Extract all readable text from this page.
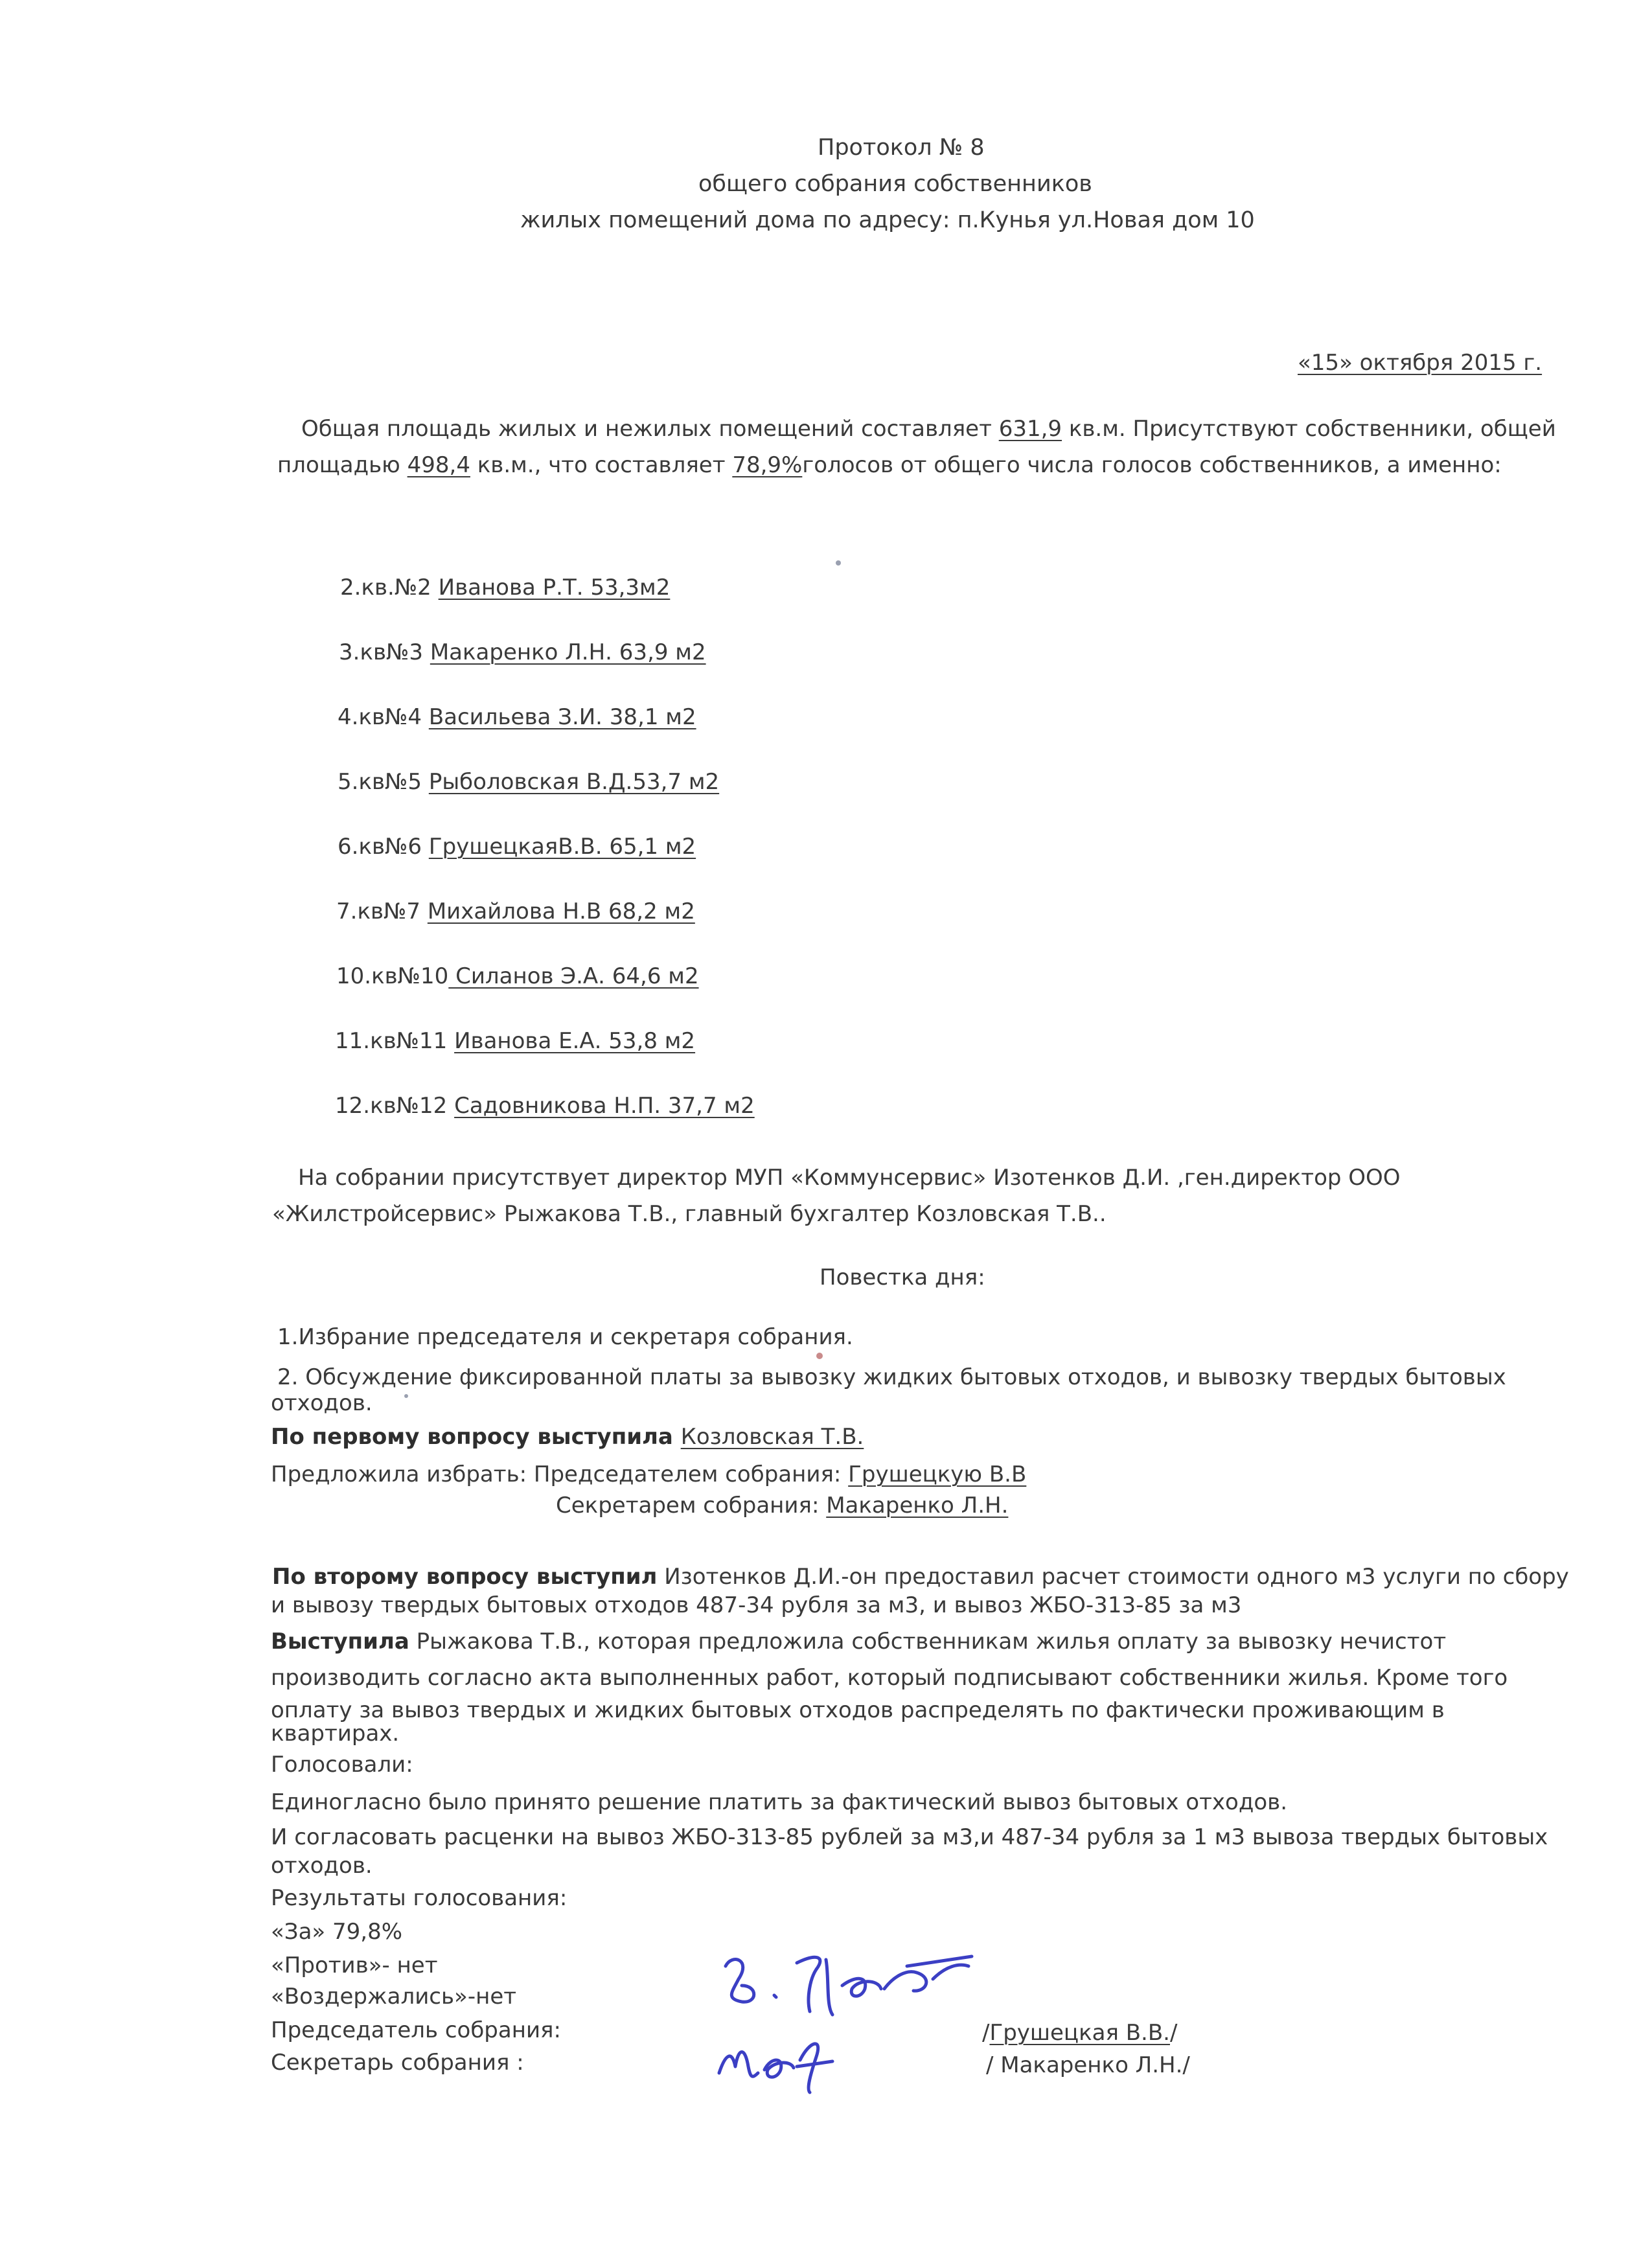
Протокол № 8
общего собрания собственников
жилых помещений дома по адресу: п.Кунья ул.Новая дом 10
«15» октября 2015 г.
Общая площадь жилых и нежилых помещений составляет 631,9 кв.м. Присутствуют собственники, общей
площадью 498,4 кв.м., что составляет 78,9%голосов от общего числа голосов собственников, а именно:
2.кв.№2 Иванова Р.Т. 53,3м2
3.кв№3 Макаренко Л.Н. 63,9 м2
4.кв№4 Васильева З.И. 38,1 м2
5.кв№5 Рыболовская В.Д.53,7 м2
6.кв№6 ГрушецкаяВ.В. 65,1 м2
7.кв№7 Михайлова Н.В 68,2 м2
10.кв№10 Силанов Э.А. 64,6 м2
11.кв№11 Иванова Е.А. 53,8 м2
12.кв№12 Садовникова Н.П. 37,7 м2
На собрании присутствует директор МУП «Коммунсервис» Изотенков Д.И. ,ген.директор ООО
«Жилстройсервис» Рыжакова Т.В., главный бухгалтер Козловская Т.В..
Повестка дня:
1.Избрание председателя и секретаря собрания.
2. Обсуждение фиксированной платы за вывозку жидких бытовых отходов, и вывозку твердых бытовых
отходов.
По первому вопросу выступила Козловская Т.В.
Предложила избрать: Председателем собрания: Грушецкую В.В
Секретарем собрания: Макаренко Л.Н.
По второму вопросу выступил Изотенков Д.И.-он предоставил расчет стоимости одного м3 услуги по сбору
и вывозу твердых бытовых отходов 487-34 рубля за м3, и вывоз ЖБО-313-85 за м3
Выступила Рыжакова Т.В., которая предложила собственникам жилья оплату за вывозку нечистот
производить согласно акта выполненных работ, который подписывают собственники жилья. Кроме того
оплату за вывоз твердых и жидких бытовых отходов распределять по фактически проживающим в
квартирах.
Голосовали:
Единогласно было принято решение платить за фактический вывоз бытовых отходов.
И согласовать расценки на вывоз ЖБО-313-85 рублей за м3,и 487-34 рубля за 1 м3 вывоза твердых бытовых
отходов.
Результаты голосования:
«За» 79,8%
«Против»- нет
«Воздержались»-нет
Председатель собрания:
Секретарь собрания :
/Грушецкая В.В./
/ Макаренко Л.Н./
